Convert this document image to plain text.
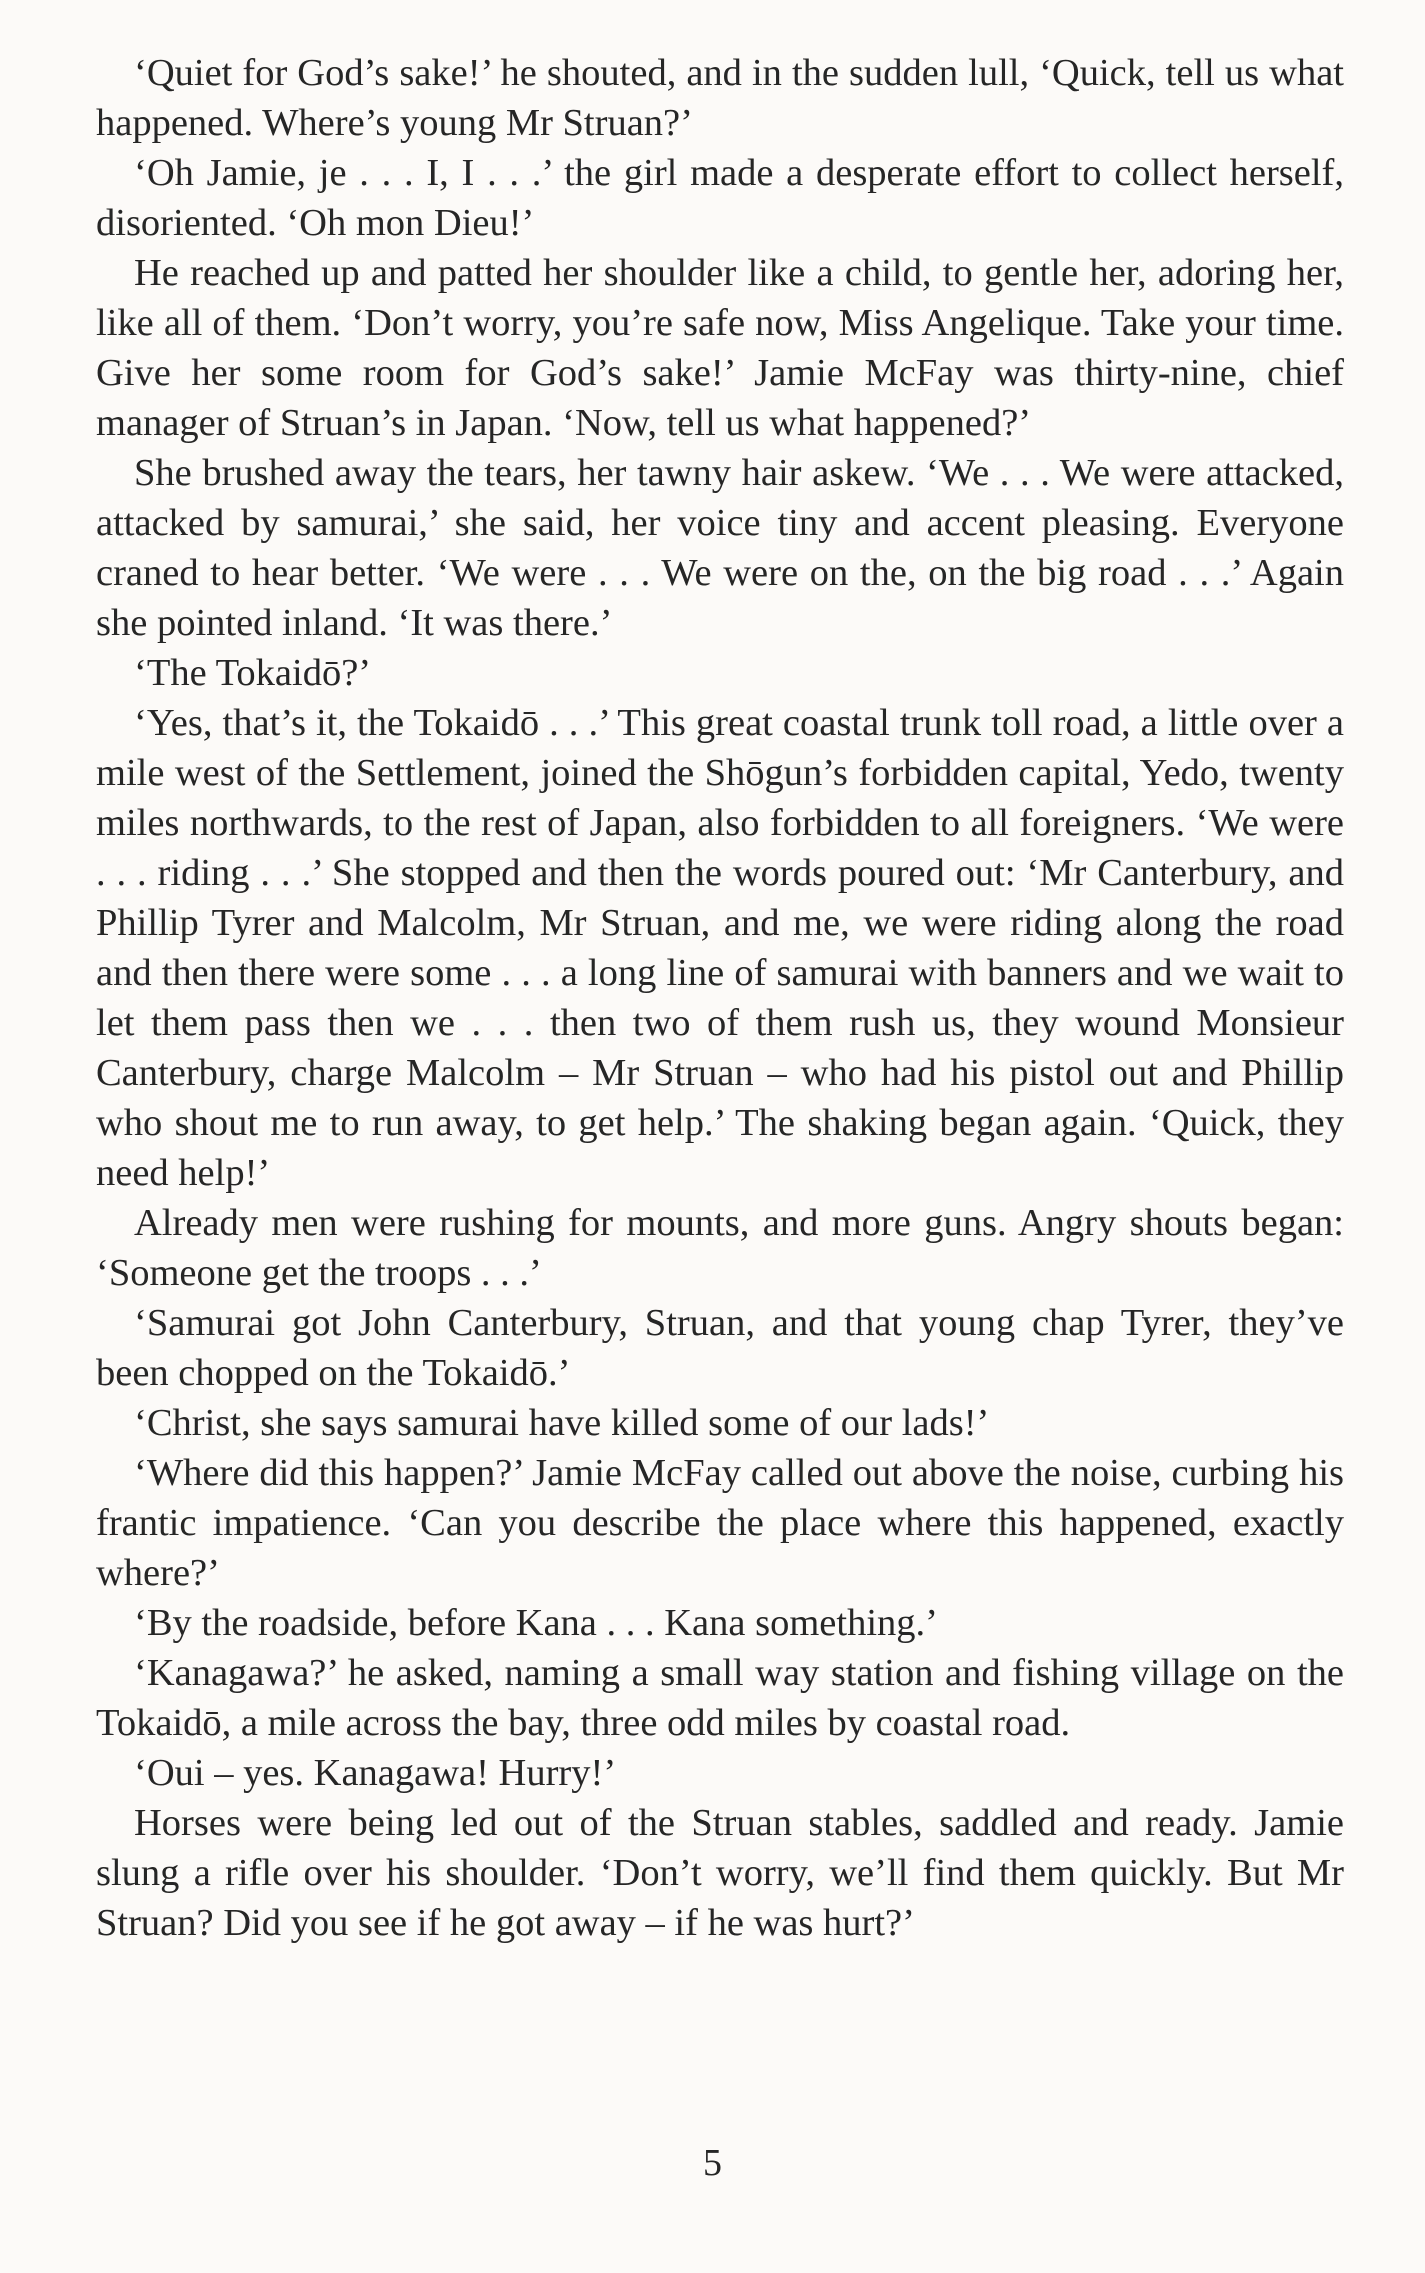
‘Quiet for God’s sake!’ he shouted, and in the sudden lull, ‘Quick, tell us what happened. Where’s young Mr Struan?’

‘Oh Jamie, je . . . I, I . . .’ the girl made a desperate effort to collect herself, disoriented. ‘Oh mon Dieu!’

He reached up and patted her shoulder like a child, to gentle her, adoring her, like all of them. ‘Don’t worry, you’re safe now, Miss Angelique. Take your time. Give her some room for God’s sake!’ Jamie McFay was thirty-nine, chief manager of Struan’s in Japan. ‘Now, tell us what happened?’

She brushed away the tears, her tawny hair askew. ‘We . . . We were attacked, attacked by samurai,’ she said, her voice tiny and accent pleasing. Everyone craned to hear better. ‘We were . . . We were on the, on the big road . . .’ Again she pointed inland. ‘It was there.’

‘The Tokaidō?’

‘Yes, that’s it, the Tokaidō . . .’ This great coastal trunk toll road, a little over a mile west of the Settlement, joined the Shōgun’s forbidden capital, Yedo, twenty miles northwards, to the rest of Japan, also forbidden to all foreigners. ‘We were . . . riding . . .’ She stopped and then the words poured out: ‘Mr Canterbury, and Phillip Tyrer and Malcolm, Mr Struan, and me, we were riding along the road and then there were some . . . a long line of samurai with banners and we wait to let them pass then we . . . then two of them rush us, they wound Monsieur Canterbury, charge Malcolm – Mr Struan – who had his pistol out and Phillip who shout me to run away, to get help.’ The shaking began again. ‘Quick, they need help!’

Already men were rushing for mounts, and more guns. Angry shouts began: ‘Someone get the troops . . .’

‘Samurai got John Canterbury, Struan, and that young chap Tyrer, they’ve been chopped on the Tokaidō.’

‘Christ, she says samurai have killed some of our lads!’

‘Where did this happen?’ Jamie McFay called out above the noise, curbing his frantic impatience. ‘Can you describe the place where this happened, exactly where?’

‘By the roadside, before Kana . . . Kana something.’

‘Kanagawa?’ he asked, naming a small way station and fishing village on the Tokaidō, a mile across the bay, three odd miles by coastal road.

‘Oui – yes. Kanagawa! Hurry!’

Horses were being led out of the Struan stables, saddled and ready. Jamie slung a rifle over his shoulder. ‘Don’t worry, we’ll find them quickly. But Mr Struan? Did you see if he got away – if he was hurt?’

5
